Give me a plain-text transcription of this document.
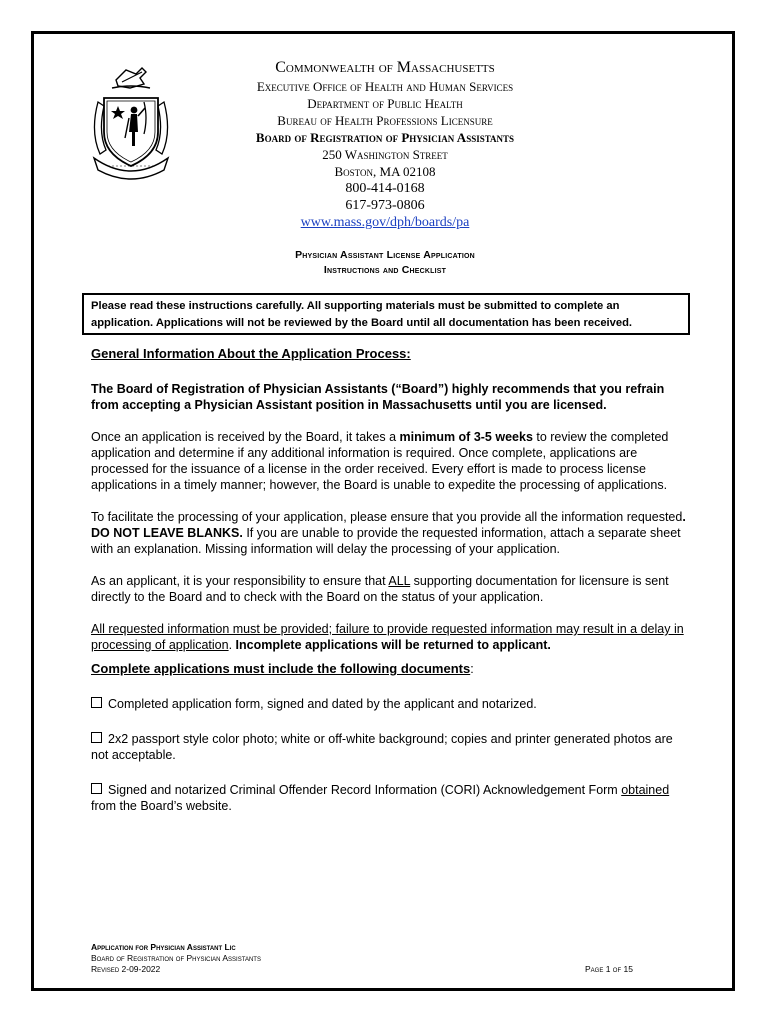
Commonwealth of Massachusetts
Executive Office of Health and Human Services
Department of Public Health
Bureau of Health Professions Licensure
Board of Registration of Physician Assistants
250 Washington Street
Boston, MA 02108
800-414-0168
617-973-0806
www.mass.gov/dph/boards/pa
Physician Assistant License Application
Instructions and Checklist
Please read these instructions carefully. All supporting materials must be submitted to complete an application. Applications will not be reviewed by the Board until all documentation has been received.

General Information About the Application Process:

The Board of Registration of Physician Assistants (“Board”) highly recommends that you refrain from accepting a Physician Assistant position in Massachusetts until you are licensed.

Once an application is received by the Board, it takes a minimum of 3-5 weeks to review the completed application and determine if any additional information is required. Once complete, applications are processed for the issuance of a license in the order received. Every effort is made to process license applications in a timely manner; however, the Board is unable to expedite the processing of applications.

To facilitate the processing of your application, please ensure that you provide all the information requested. DO NOT LEAVE BLANKS. If you are unable to provide the requested information, attach a separate sheet with an explanation. Missing information will delay the processing of your application.

As an applicant, it is your responsibility to ensure that ALL supporting documentation for licensure is sent directly to the Board and to check with the Board on the status of your application.

All requested information must be provided; failure to provide requested information may result in a delay in processing of application. Incomplete applications will be returned to applicant.

Complete applications must include the following documents:

Completed application form, signed and dated by the applicant and notarized.

2x2 passport style color photo; white or off-white background; copies and printer generated photos are not acceptable.

Signed and notarized Criminal Offender Record Information (CORI) Acknowledgement Form obtained from the Board’s website.

Application for Physician Assistant Lic
Board of Registration of Physician Assistants
Revised 2-09-2022	Page 1 of 15
